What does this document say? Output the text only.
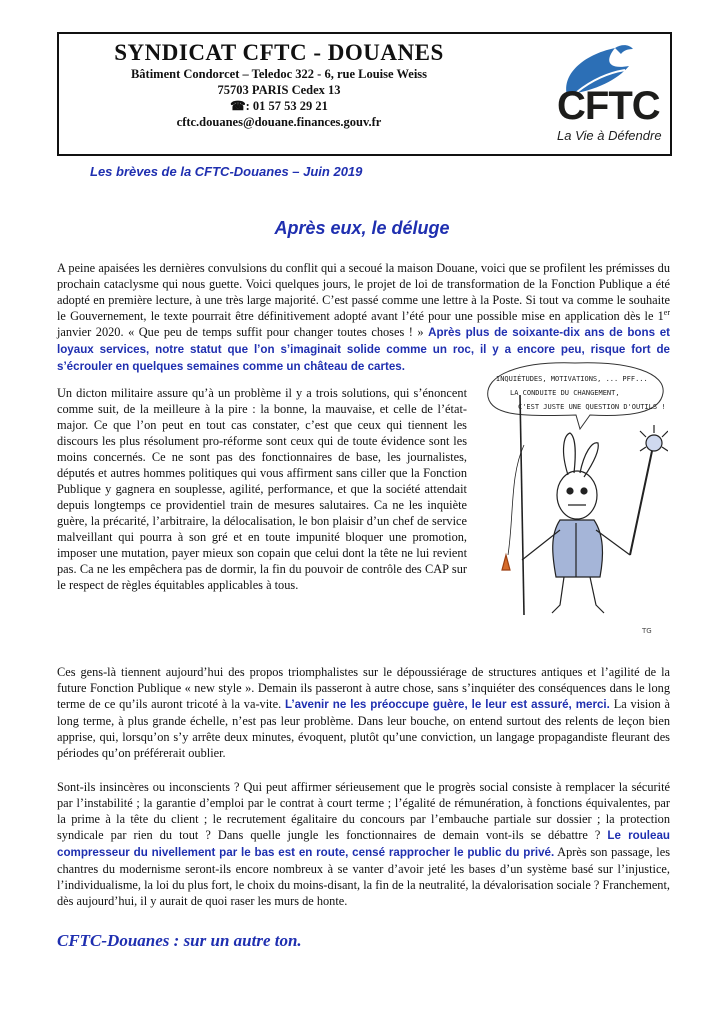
SYNDICAT CFTC - DOUANES
Bâtiment Condorcet – Teledoc 322 - 6, rue Louise Weiss
75703 PARIS Cedex 13
☎: 01 57 53 29 21
cftc.douanes@douane.finances.gouv.fr	CFTC
La Vie à Défendre
Les brèves de la CFTC-Douanes – Juin 2019
Après eux, le déluge

A peine apaisées les dernières convulsions du conflit qui a secoué la maison Douane, voici que se profilent les prémisses du prochain cataclysme qui nous guette. Voici quelques jours, le projet de loi de transformation de la Fonction Publique a été adopté en première lecture, à une très large majorité. C’est passé comme une lettre à la Poste. Si tout va comme le souhaite le Gouvernement, le texte pourrait être définitivement adopté avant l’été pour une possible mise en application dès le 1er janvier 2020. « Que peu de temps suffit pour changer toutes choses ! » Après plus de soixante-dix ans de bons et loyaux services, notre statut que l’on s’imaginait solide comme un roc, il y a encore peu, risque fort de s’écrouler en quelques semaines comme un château de cartes.

Un dicton militaire assure qu’à un problème il y a trois solutions, qui s’énoncent comme suit, de la meilleure à la pire : la bonne, la mauvaise, et celle de l’état-major. Ce que l’on peut en tout cas constater, c’est que ceux qui tiennent les discours les plus résolument pro-réforme sont ceux qui de toute évidence sont les moins concernés. Ce ne sont pas des fonctionnaires de base, les journalistes, députés et autres hommes politiques qui vous affirment sans ciller que la Fonction Publique y gagnera en souplesse, agilité, performance, et que la société attendait depuis longtemps ce providentiel train de mesures salutaires. Ca ne les inquiète guère, la précarité, l’arbitraire, la délocalisation, le bon plaisir d’un chef de service malveillant qui pourra à son gré et en toute impunité bloquer une promotion, imposer une mutation, payer mieux son copain que celui dont la tête ne lui revient pas. Ca ne les empêchera pas de dormir, la fin du pouvoir de contrôle des CAP sur le respect de règles équitables applicables à tous.

INQUIÉTUDES, MOTIVATIONS, ... PFF...
LA CONDUITE DU CHANGEMENT,
C'EST JUSTE UNE QUESTION D'OUTILS !
TG

Ces gens-là tiennent aujourd’hui des propos triomphalistes sur le dépoussiérage de structures antiques et l’agilité de la future Fonction Publique « new style ». Demain ils passeront à autre chose, sans s’inquiéter des conséquences dans le long terme de ce qu’ils auront tricoté à la va-vite. L’avenir ne les préoccupe guère, le leur est assuré, merci. La vision à long terme, à plus grande échelle, n’est pas leur problème. Dans leur bouche, on entend surtout des relents de leçon bien apprise, qui, lorsqu’on s’y arrête deux minutes, évoquent, plutôt qu’une conviction, un langage propagandiste fleurant des périodes qu’on préférerait oublier.

Sont-ils insincères ou inconscients ? Qui peut affirmer sérieusement que le progrès social consiste à remplacer la sécurité par l’instabilité ; la garantie d’emploi par le contrat à court terme ; l’égalité de rémunération, à fonctions équivalentes, par la prime à la tête du client ; le recrutement égalitaire du concours par l’embauche partiale sur dossier ; la protection syndicale par rien du tout ? Dans quelle jungle les fonctionnaires de demain vont-ils se débattre ? Le rouleau compresseur du nivellement par le bas est en route, censé rapprocher le public du privé. Après son passage, les chantres du modernisme seront-ils encore nombreux à se vanter d’avoir jeté les bases d’un système basé sur l’injustice, l’individualisme, la loi du plus fort, le choix du moins-disant, la fin de la neutralité, la dévalorisation sociale ? Franchement, dès aujourd’hui, il y aurait de quoi raser les murs de honte.

CFTC-Douanes : sur un autre ton.
